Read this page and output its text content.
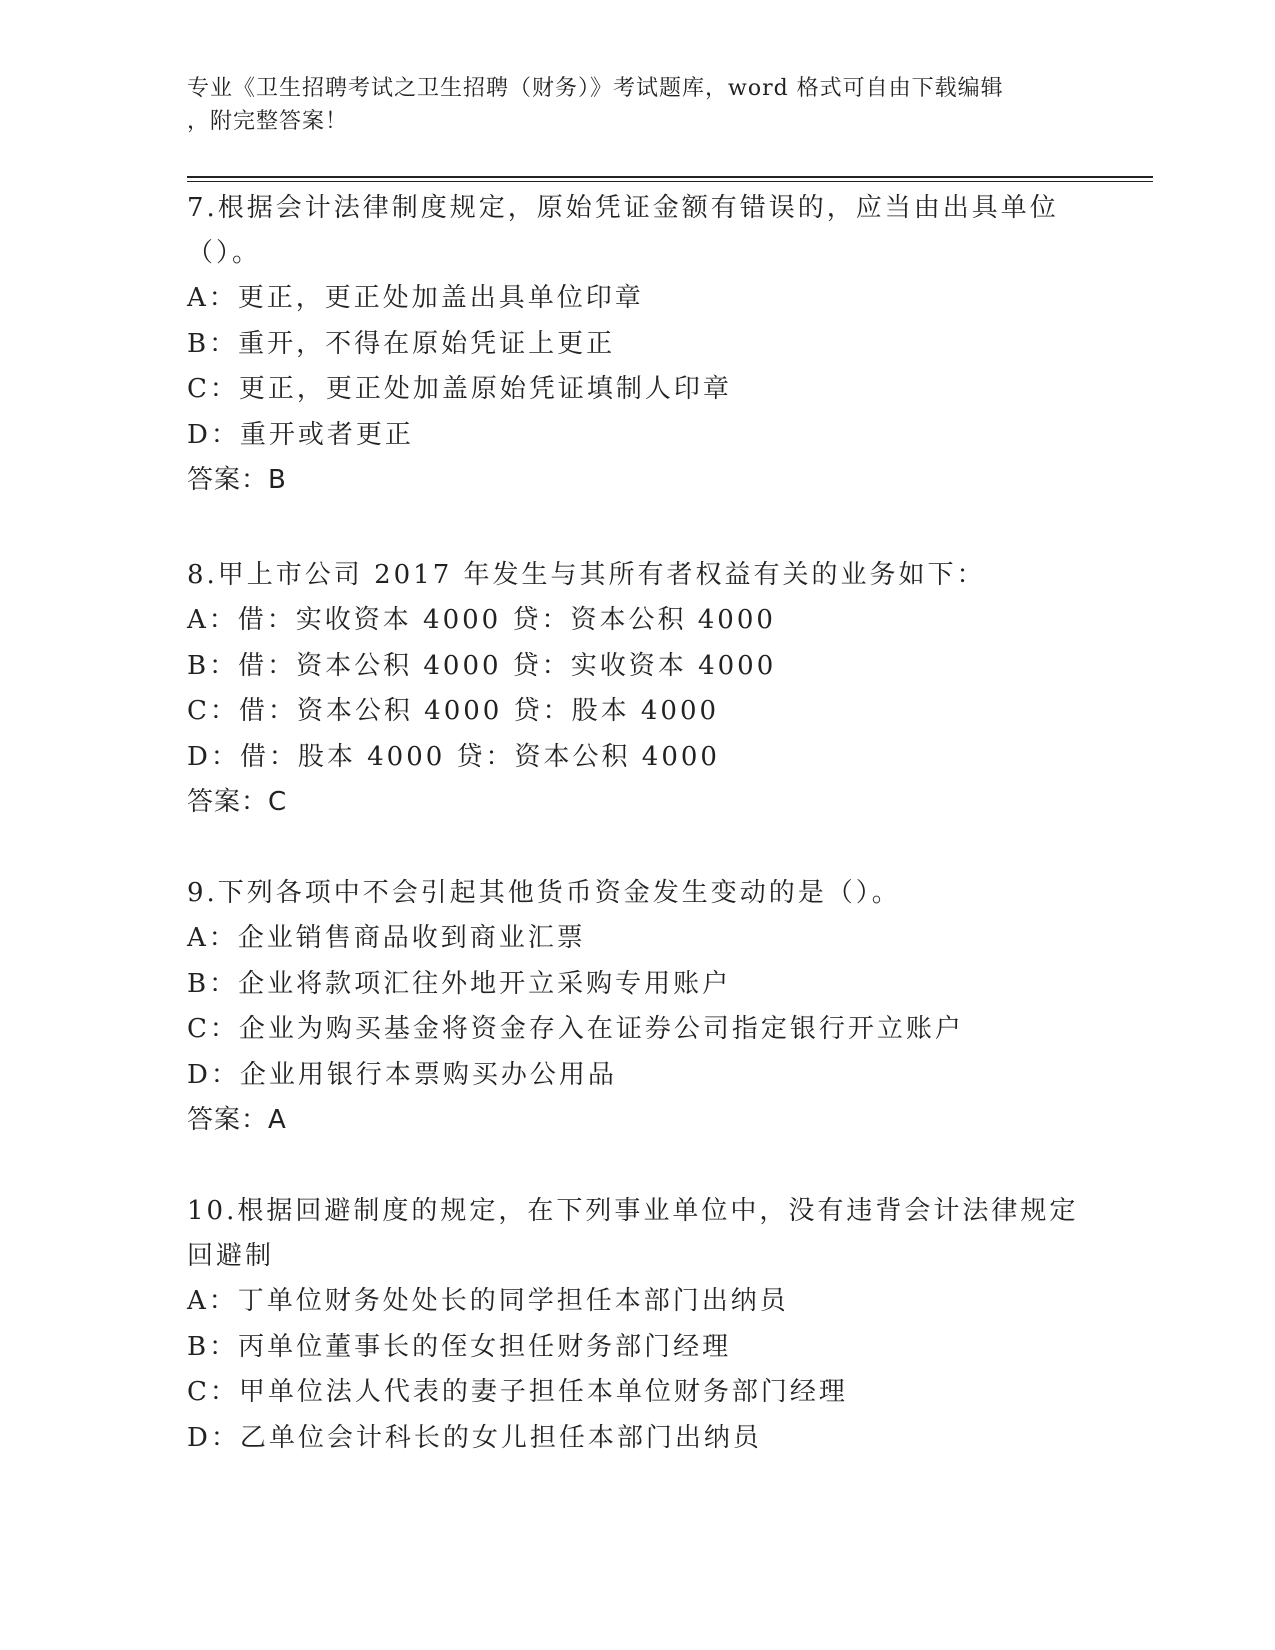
专业《卫生招聘考试之卫生招聘（财务）》考试题库，word 格式可自由下载编辑
，附完整答案！
7.根据会计法律制度规定，原始凭证金额有错误的，应当由出具单位
（）。
A：更正，更正处加盖出具单位印章
B：重开，不得在原始凭证上更正
C：更正，更正处加盖原始凭证填制人印章
D：重开或者更正
答案：B
8.甲上市公司 2017 年发生与其所有者权益有关的业务如下：
A：借：实收资本 4000 贷：资本公积 4000
B：借：资本公积 4000 贷：实收资本 4000
C：借：资本公积 4000 贷：股本 4000
D：借：股本 4000 贷：资本公积 4000
答案：C
9.下列各项中不会引起其他货币资金发生变动的是（）。
A：企业销售商品收到商业汇票
B：企业将款项汇往外地开立采购专用账户
C：企业为购买基金将资金存入在证券公司指定银行开立账户
D：企业用银行本票购买办公用品
答案：A
10.根据回避制度的规定，在下列事业单位中，没有违背会计法律规定
回避制
A：丁单位财务处处长的同学担任本部门出纳员
B：丙单位董事长的侄女担任财务部门经理
C：甲单位法人代表的妻子担任本单位财务部门经理
D：乙单位会计科长的女儿担任本部门出纳员
